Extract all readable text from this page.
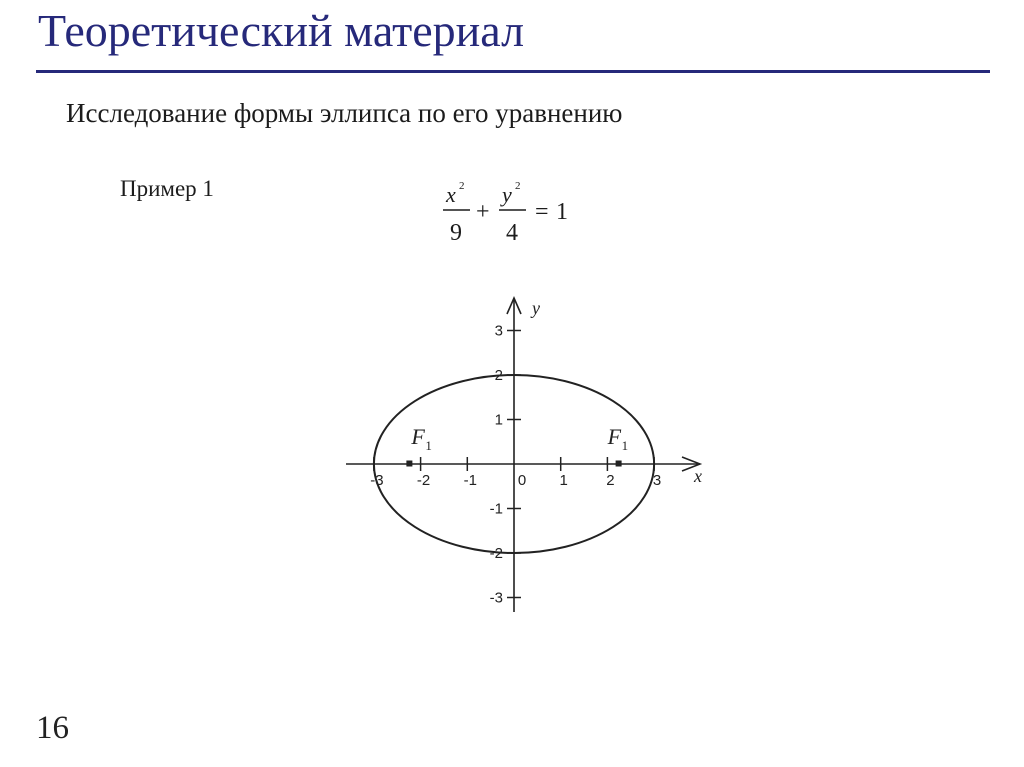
Теоретический материал
Исследование формы эллипса по его уравнению
Пример 1	x 2
9
+
y 2
4
= 1
-3 -2 -1	0 1	2	3
3
2
1
-1
-2
-3
F 1	F 1
x
y
16
